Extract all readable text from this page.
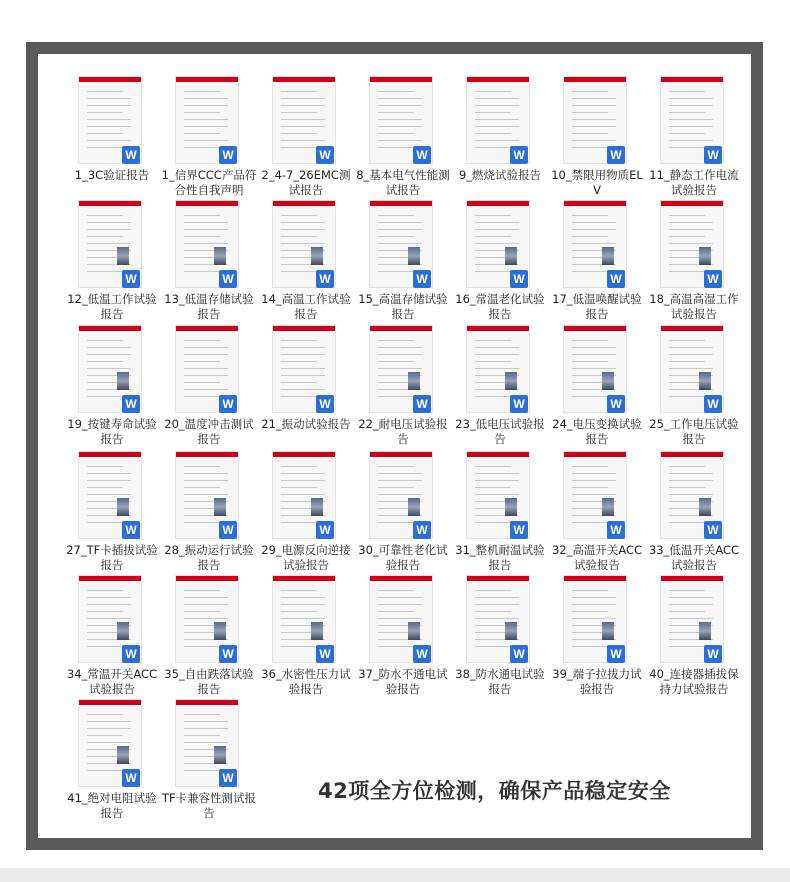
W
1_3C验证报告
W
1_信界CCC产品符合性自我声明
W
2_4-7_26EMC测试报告
W
8_基本电气性能测试报告
W
9_燃烧试验报告
W
10_禁限用物质ELV
W
11_静态工作电流试验报告
W
12_低温工作试验报告
W
13_低温存储试验报告
W
14_高温工作试验报告
W
15_高温存储试验报告
W
16_常温老化试验报告
W
17_低温唤醒试验报告
W
18_高温高湿工作试验报告
W
19_按键寿命试验报告
W
20_温度冲击测试报告
W
21_振动试验报告
W
22_耐电压试验报告
W
23_低电压试验报告
W
24_电压变换试验报告
W
25_工作电压试验报告
W
27_TF卡插拔试验报告
W
28_振动运行试验报告
W
29_电源反向逆接试验报告
W
30_可靠性老化试验报告
W
31_整机耐温试验报告
W
32_高温开关ACC试验报告
W
33_低温开关ACC试验报告
W
34_常温开关ACC试验报告
W
35_自由跌落试验报告
W
36_水密性压力试验报告
W
37_防水不通电试验报告
W
38_防水通电试验报告
W
39_端子拉拔力试验报告
W
40_连接器插拔保持力试验报告
W
41_绝对电阻试验报告
W
TF卡兼容性测试报告
42项全方位检测，确保产品稳定安全
